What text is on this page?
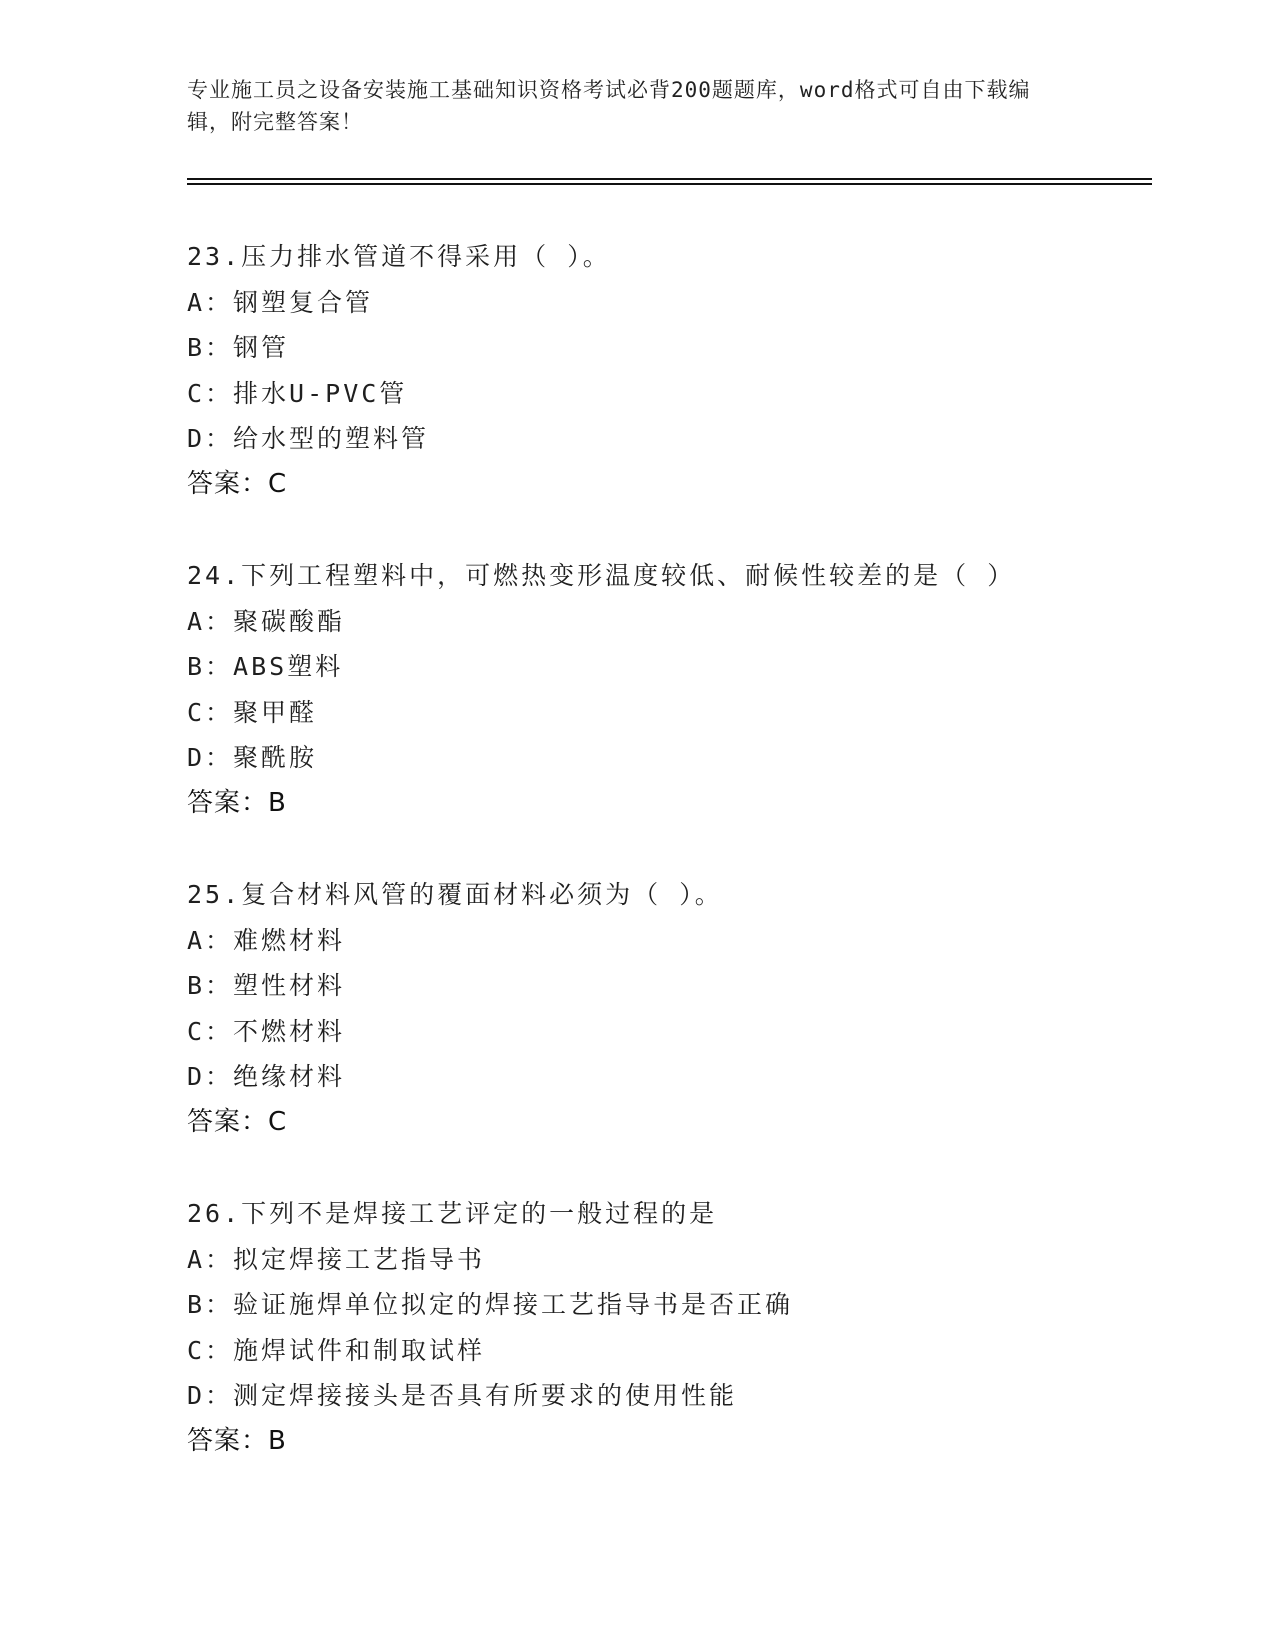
专业施工员之设备安装施工基础知识资格考试必背200题题库，word格式可自由下载编辑，附完整答案！
23.压力排水管道不得采用（ ）。
A：钢塑复合管
B：钢管
C：排水U-PVC管
D：给水型的塑料管
答案：C
24.下列工程塑料中，可燃热变形温度较低、耐候性较差的是（ ）
A：聚碳酸酯
B：ABS塑料
C：聚甲醛
D：聚酰胺
答案：B
25.复合材料风管的覆面材料必须为（ ）。
A：难燃材料
B：塑性材料
C：不燃材料
D：绝缘材料
答案：C
26.下列不是焊接工艺评定的一般过程的是
A：拟定焊接工艺指导书
B：验证施焊单位拟定的焊接工艺指导书是否正确
C：施焊试件和制取试样
D：测定焊接接头是否具有所要求的使用性能
答案：B
